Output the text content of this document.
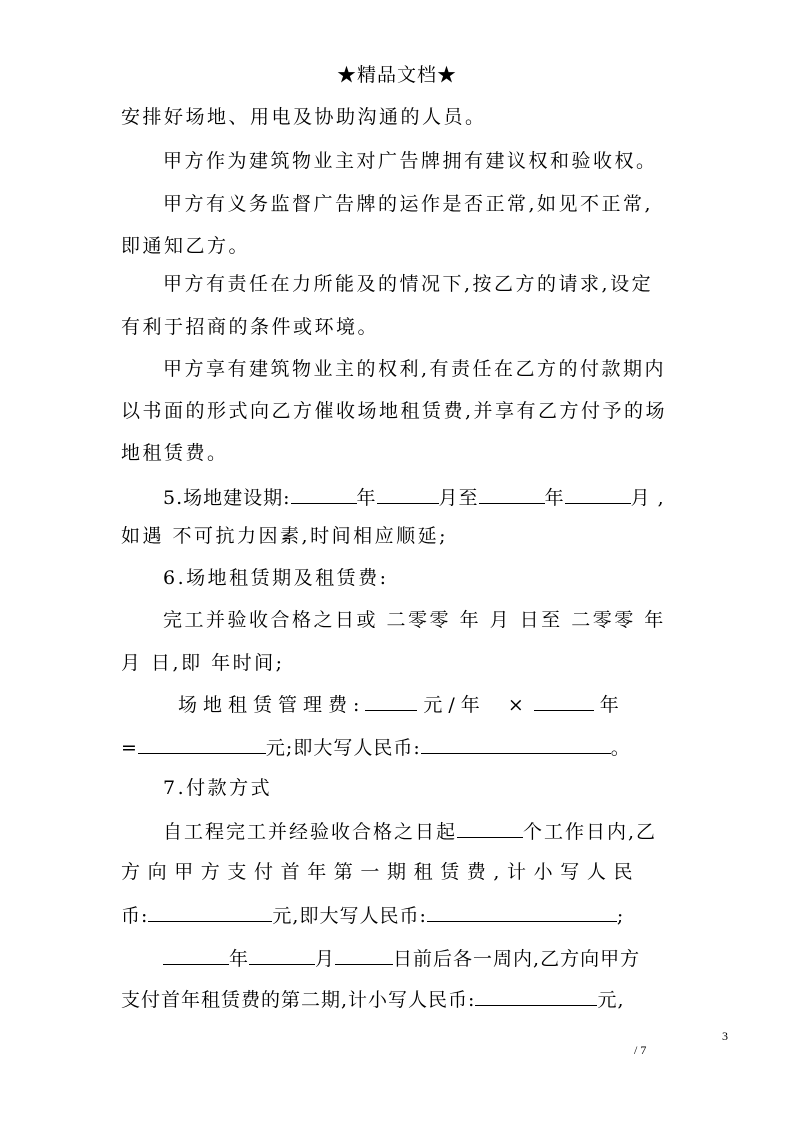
★精品文档★
安排好场地、用电及协助沟通的人员。
甲方作为建筑物业主对广告牌拥有建议权和验收权。
甲方有义务监督广告牌的运作是否正常,如见不正常,
即通知乙方。
甲方有责任在力所能及的情况下,按乙方的请求,设定
有利于招商的条件或环境。
甲方享有建筑物业主的权利,有责任在乙方的付款期内
以书面的形式向乙方催收场地租赁费,并享有乙方付予的场
地租赁费。
5.场地建设期:	年	月至	年	月 ,
如遇 不可抗力因素,时间相应顺延;
6.场地租赁期及租赁费:
完工并验收合格之日或 二零零 年 月 日至 二零零 年
月 日,即 年时间;
场地租赁管理费:	元/年 ×	年
=	元;即大写人民币:	。
7.付款方式
自工程完工并经验收合格之日起	个工作日内,乙
方向甲方支付首年第一期租赁费,计小写人民
币:	元,即大写人民币:	;
年	月	日前后各一周内,乙方向甲方
支付首年租赁费的第二期,计小写人民币:	元,
3
/ 7
